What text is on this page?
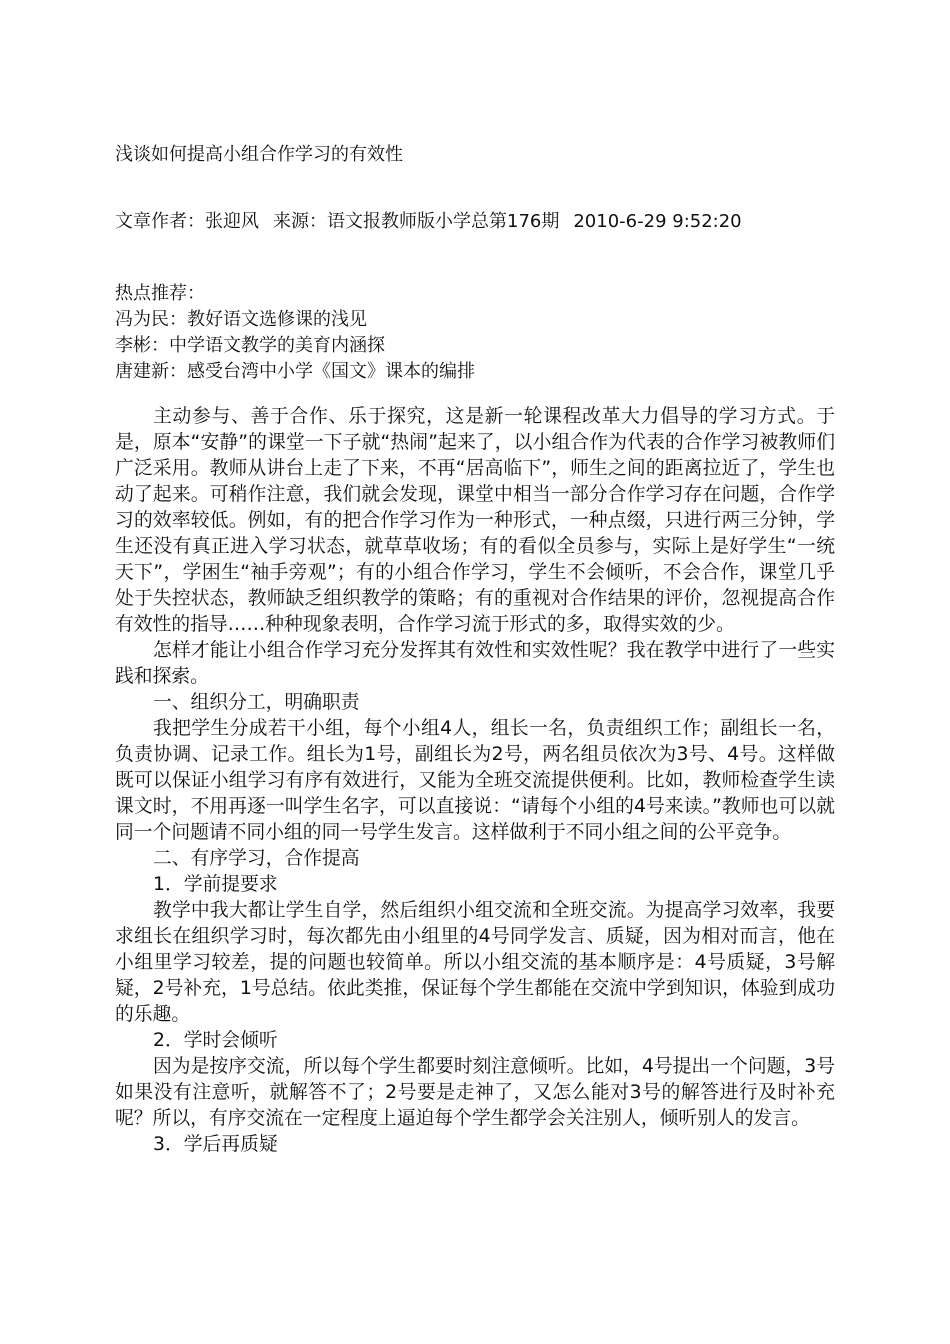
浅谈如何提高小组合作学习的有效性
文章作者：张迎风 来源：语文报教师版小学总第176期 2010-6-29 9:52:20
热点推荐：
冯为民：教好语文选修课的浅见
李彬：中学语文教学的美育内涵探
唐建新：感受台湾中小学《国文》课本的编排

主动参与、善于合作、乐于探究，这是新一轮课程改革大力倡导的学习方式。于是，原本“安静”的课堂一下子就“热闹”起来了，以小组合作为代表的合作学习被教师们广泛采用。教师从讲台上走了下来，不再“居高临下”，师生之间的距离拉近了，学生也动了起来。可稍作注意，我们就会发现，课堂中相当一部分合作学习存在问题，合作学习的效率较低。例如，有的把合作学习作为一种形式，一种点缀，只进行两三分钟，学生还没有真正进入学习状态，就草草收场；有的看似全员参与，实际上是好学生“一统天下”，学困生“袖手旁观”；有的小组合作学习，学生不会倾听，不会合作，课堂几乎处于失控状态，教师缺乏组织教学的策略；有的重视对合作结果的评价，忽视提高合作有效性的指导……种种现象表明，合作学习流于形式的多，取得实效的少。

怎样才能让小组合作学习充分发挥其有效性和实效性呢？我在教学中进行了一些实践和探索。

一、组织分工，明确职责

我把学生分成若干小组，每个小组4人，组长一名，负责组织工作；副组长一名，负责协调、记录工作。组长为1号，副组长为2号，两名组员依次为3号、4号。这样做既可以保证小组学习有序有效进行，又能为全班交流提供便利。比如，教师检查学生读课文时，不用再逐一叫学生名字，可以直接说：“请每个小组的4号来读。”教师也可以就同一个问题请不同小组的同一号学生发言。这样做利于不同小组之间的公平竞争。

二、有序学习，合作提高
1．学前提要求

教学中我大都让学生自学，然后组织小组交流和全班交流。为提高学习效率，我要求组长在组织学习时，每次都先由小组里的4号同学发言、质疑，因为相对而言，他在小组里学习较差，提的问题也较简单。所以小组交流的基本顺序是：4号质疑，3号解疑，2号补充，1号总结。依此类推，保证每个学生都能在交流中学到知识，体验到成功的乐趣。

2．学时会倾听

因为是按序交流，所以每个学生都要时刻注意倾听。比如，4号提出一个问题，3号如果没有注意听，就解答不了；2号要是走神了，又怎么能对3号的解答进行及时补充呢？所以，有序交流在一定程度上逼迫每个学生都学会关注别人，倾听别人的发言。

3．学后再质疑
